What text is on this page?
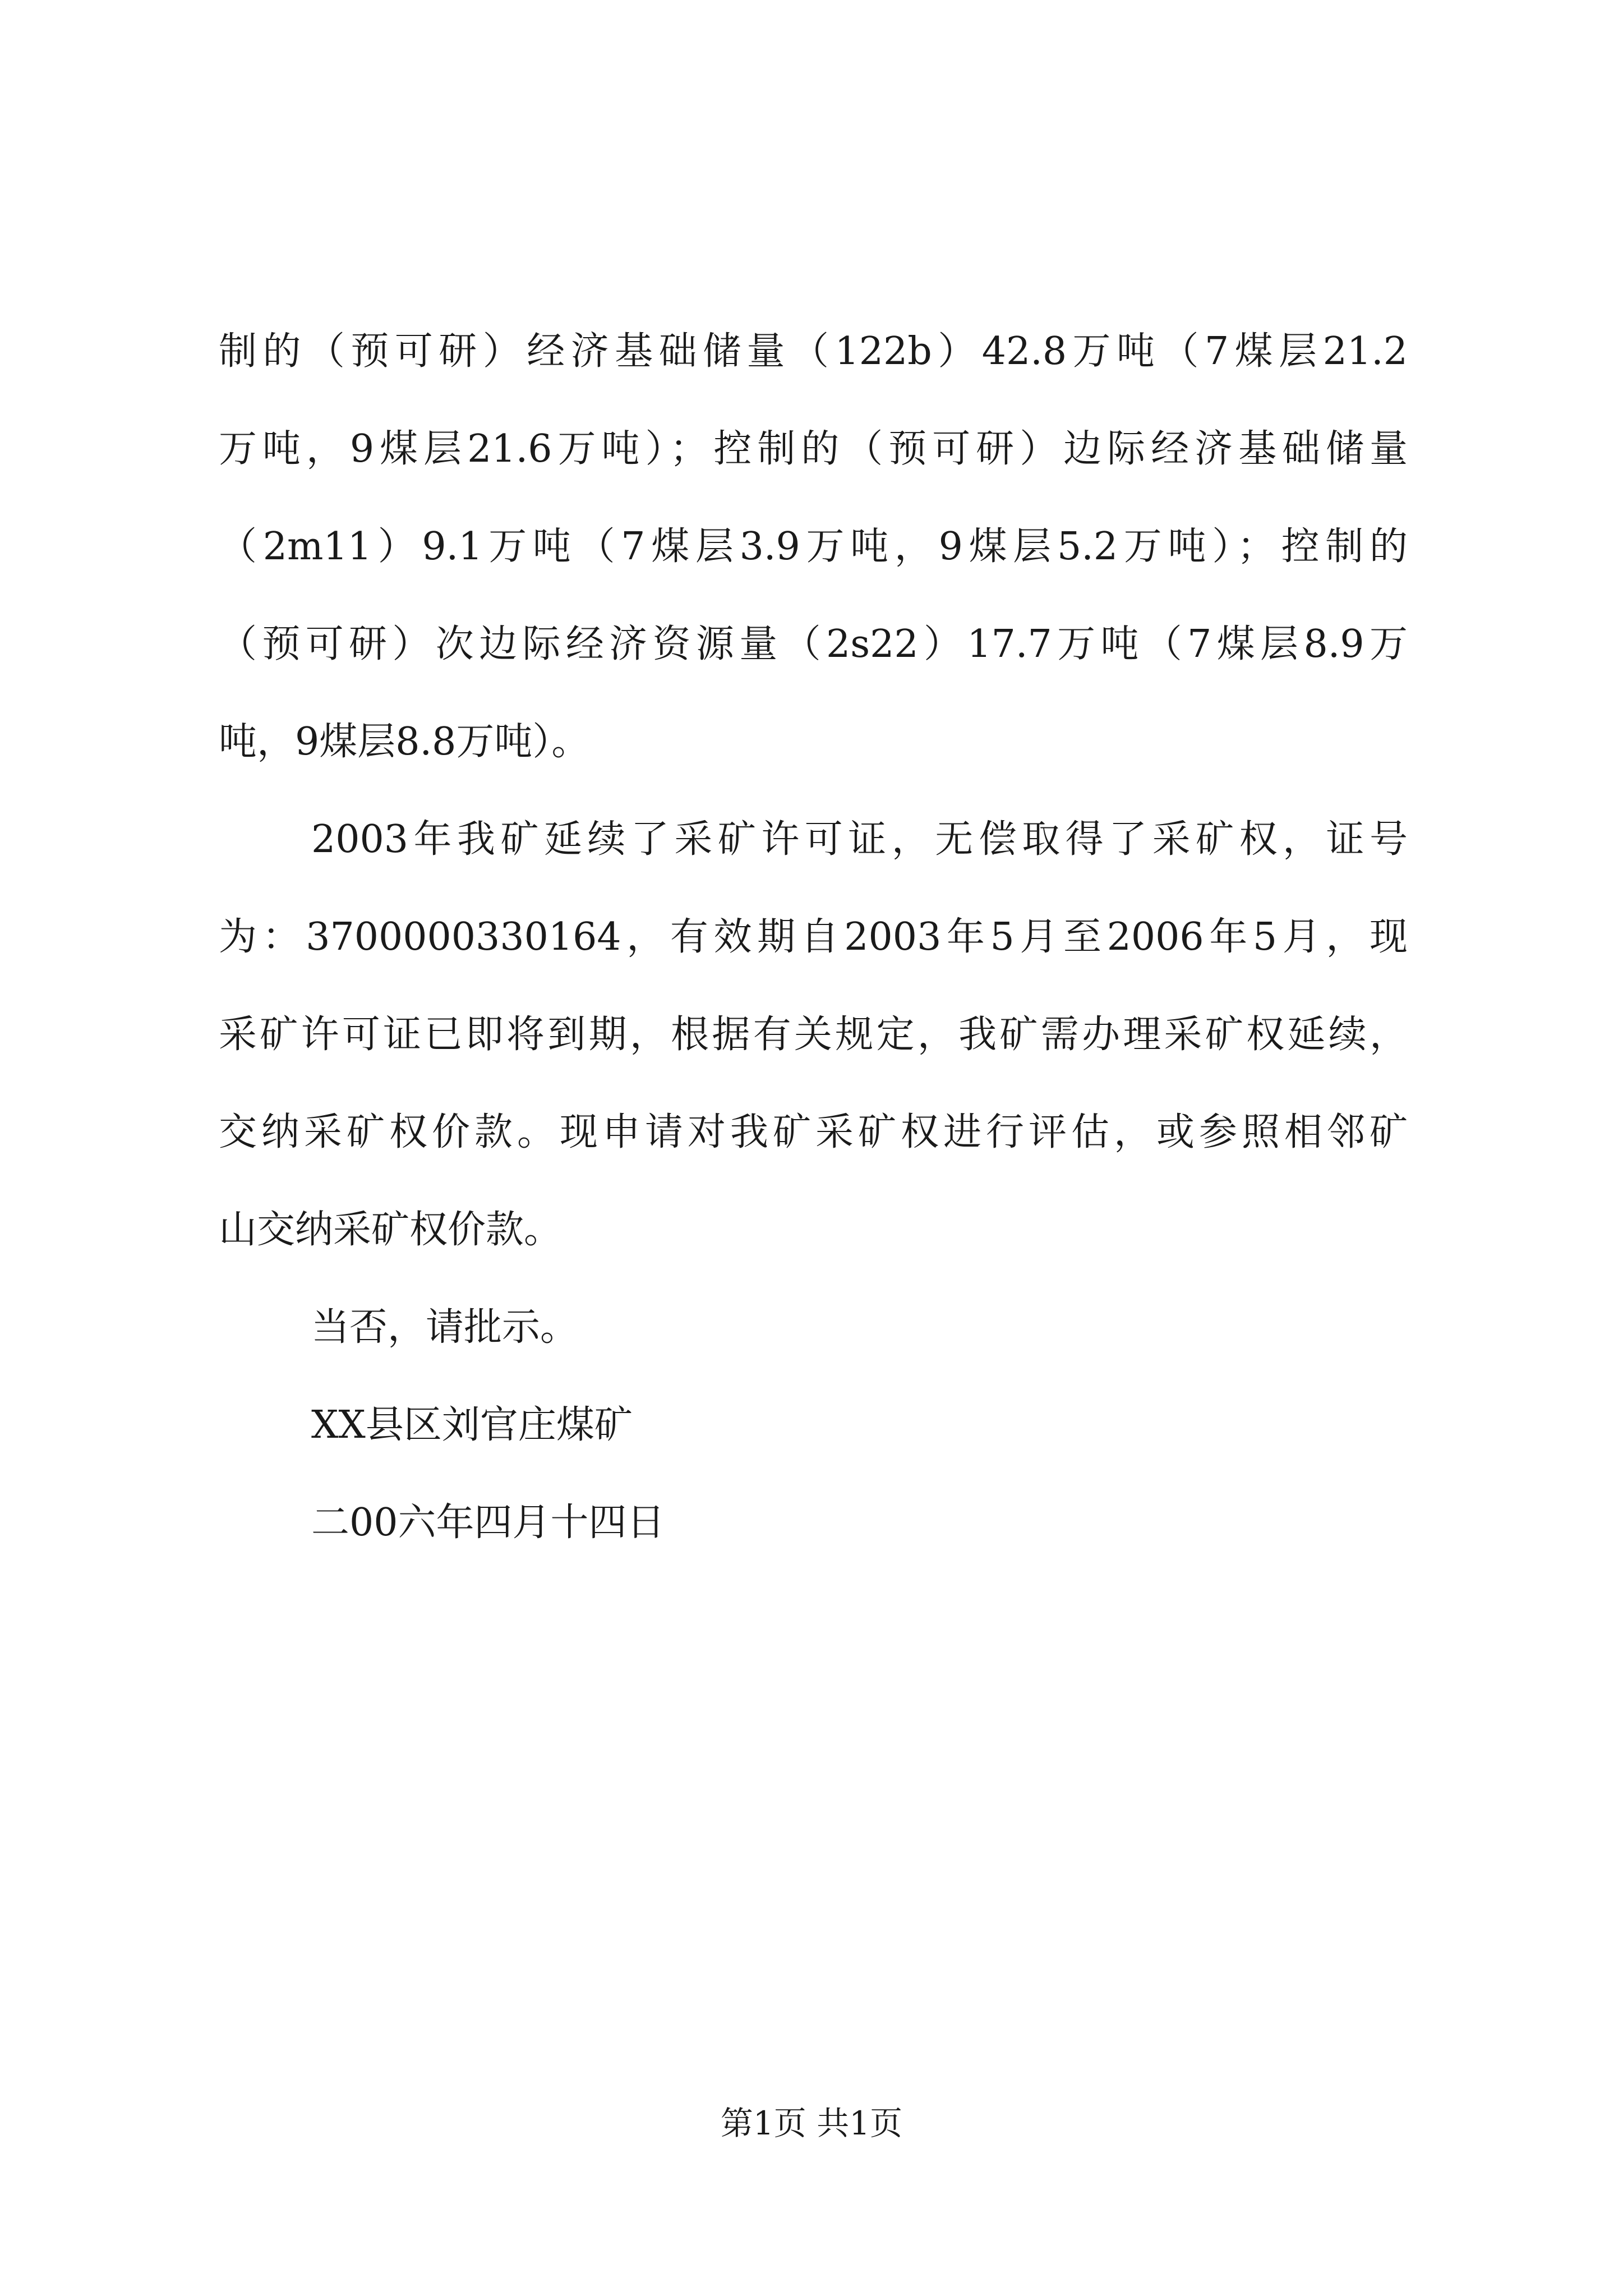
制的（预可研）经济基础储量（122b）42.8万吨（7煤层21.2
万吨，9煤层21.6万吨）；控制的（预可研）边际经济基础储量
（2m11）9.1万吨（7煤层3.9万吨，9煤层5.2万吨）；控制的
（预可研）次边际经济资源量（2s22）17.7万吨（7煤层8.9万
吨，9煤层8.8万吨）。
2003年我矿延续了采矿许可证，无偿取得了采矿权，证号
为：3700000330164，有效期自2003年5月至2006年5月，现
采矿许可证已即将到期，根据有关规定，我矿需办理采矿权延续，
交纳采矿权价款。现申请对我矿采矿权进行评估，或参照相邻矿
山交纳采矿权价款。
当否，请批示。
XX县区刘官庄煤矿
二00六年四月十四日
第1页 共1页
